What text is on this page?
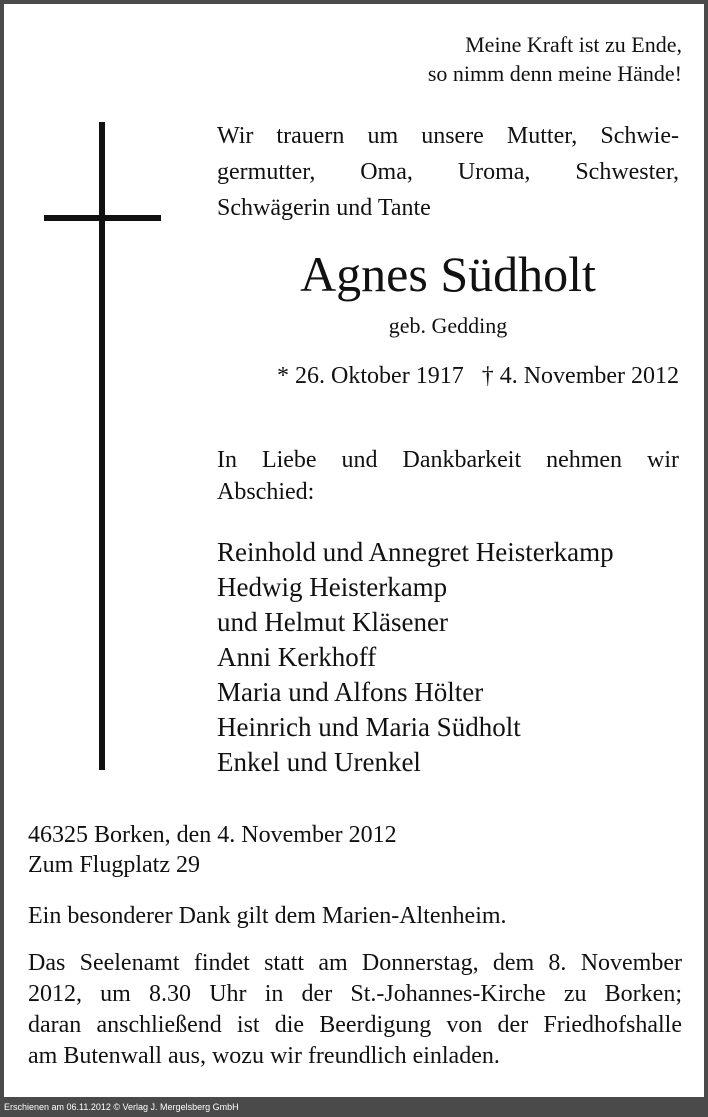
Meine Kraft ist zu Ende,
so nimm denn meine Hände!
Wir trauern um unsere Mutter, Schwie-
germutter, Oma, Uroma, Schwester,
Schwägerin und Tante
Agnes Südholt
geb. Gedding
* 26. Oktober 1917 † 4. November 2012
In Liebe und Dankbarkeit nehmen wir
Abschied:
Reinhold und Annegret Heisterkamp
Hedwig Heisterkamp
und Helmut Kläsener
Anni Kerkhoff
Maria und Alfons Hölter
Heinrich und Maria Südholt
Enkel und Urenkel
46325 Borken, den 4. November 2012
Zum Flugplatz 29
Ein besonderer Dank gilt dem Marien-Altenheim.
Das Seelenamt findet statt am Donnerstag, dem 8. November
2012, um 8.30 Uhr in der St.-Johannes-Kirche zu Borken;
daran anschließend ist die Beerdigung von der Friedhofshalle
am Butenwall aus, wozu wir freundlich einladen.
Erschienen am 06.11.2012 © Verlag J. Mergelsberg GmbH
